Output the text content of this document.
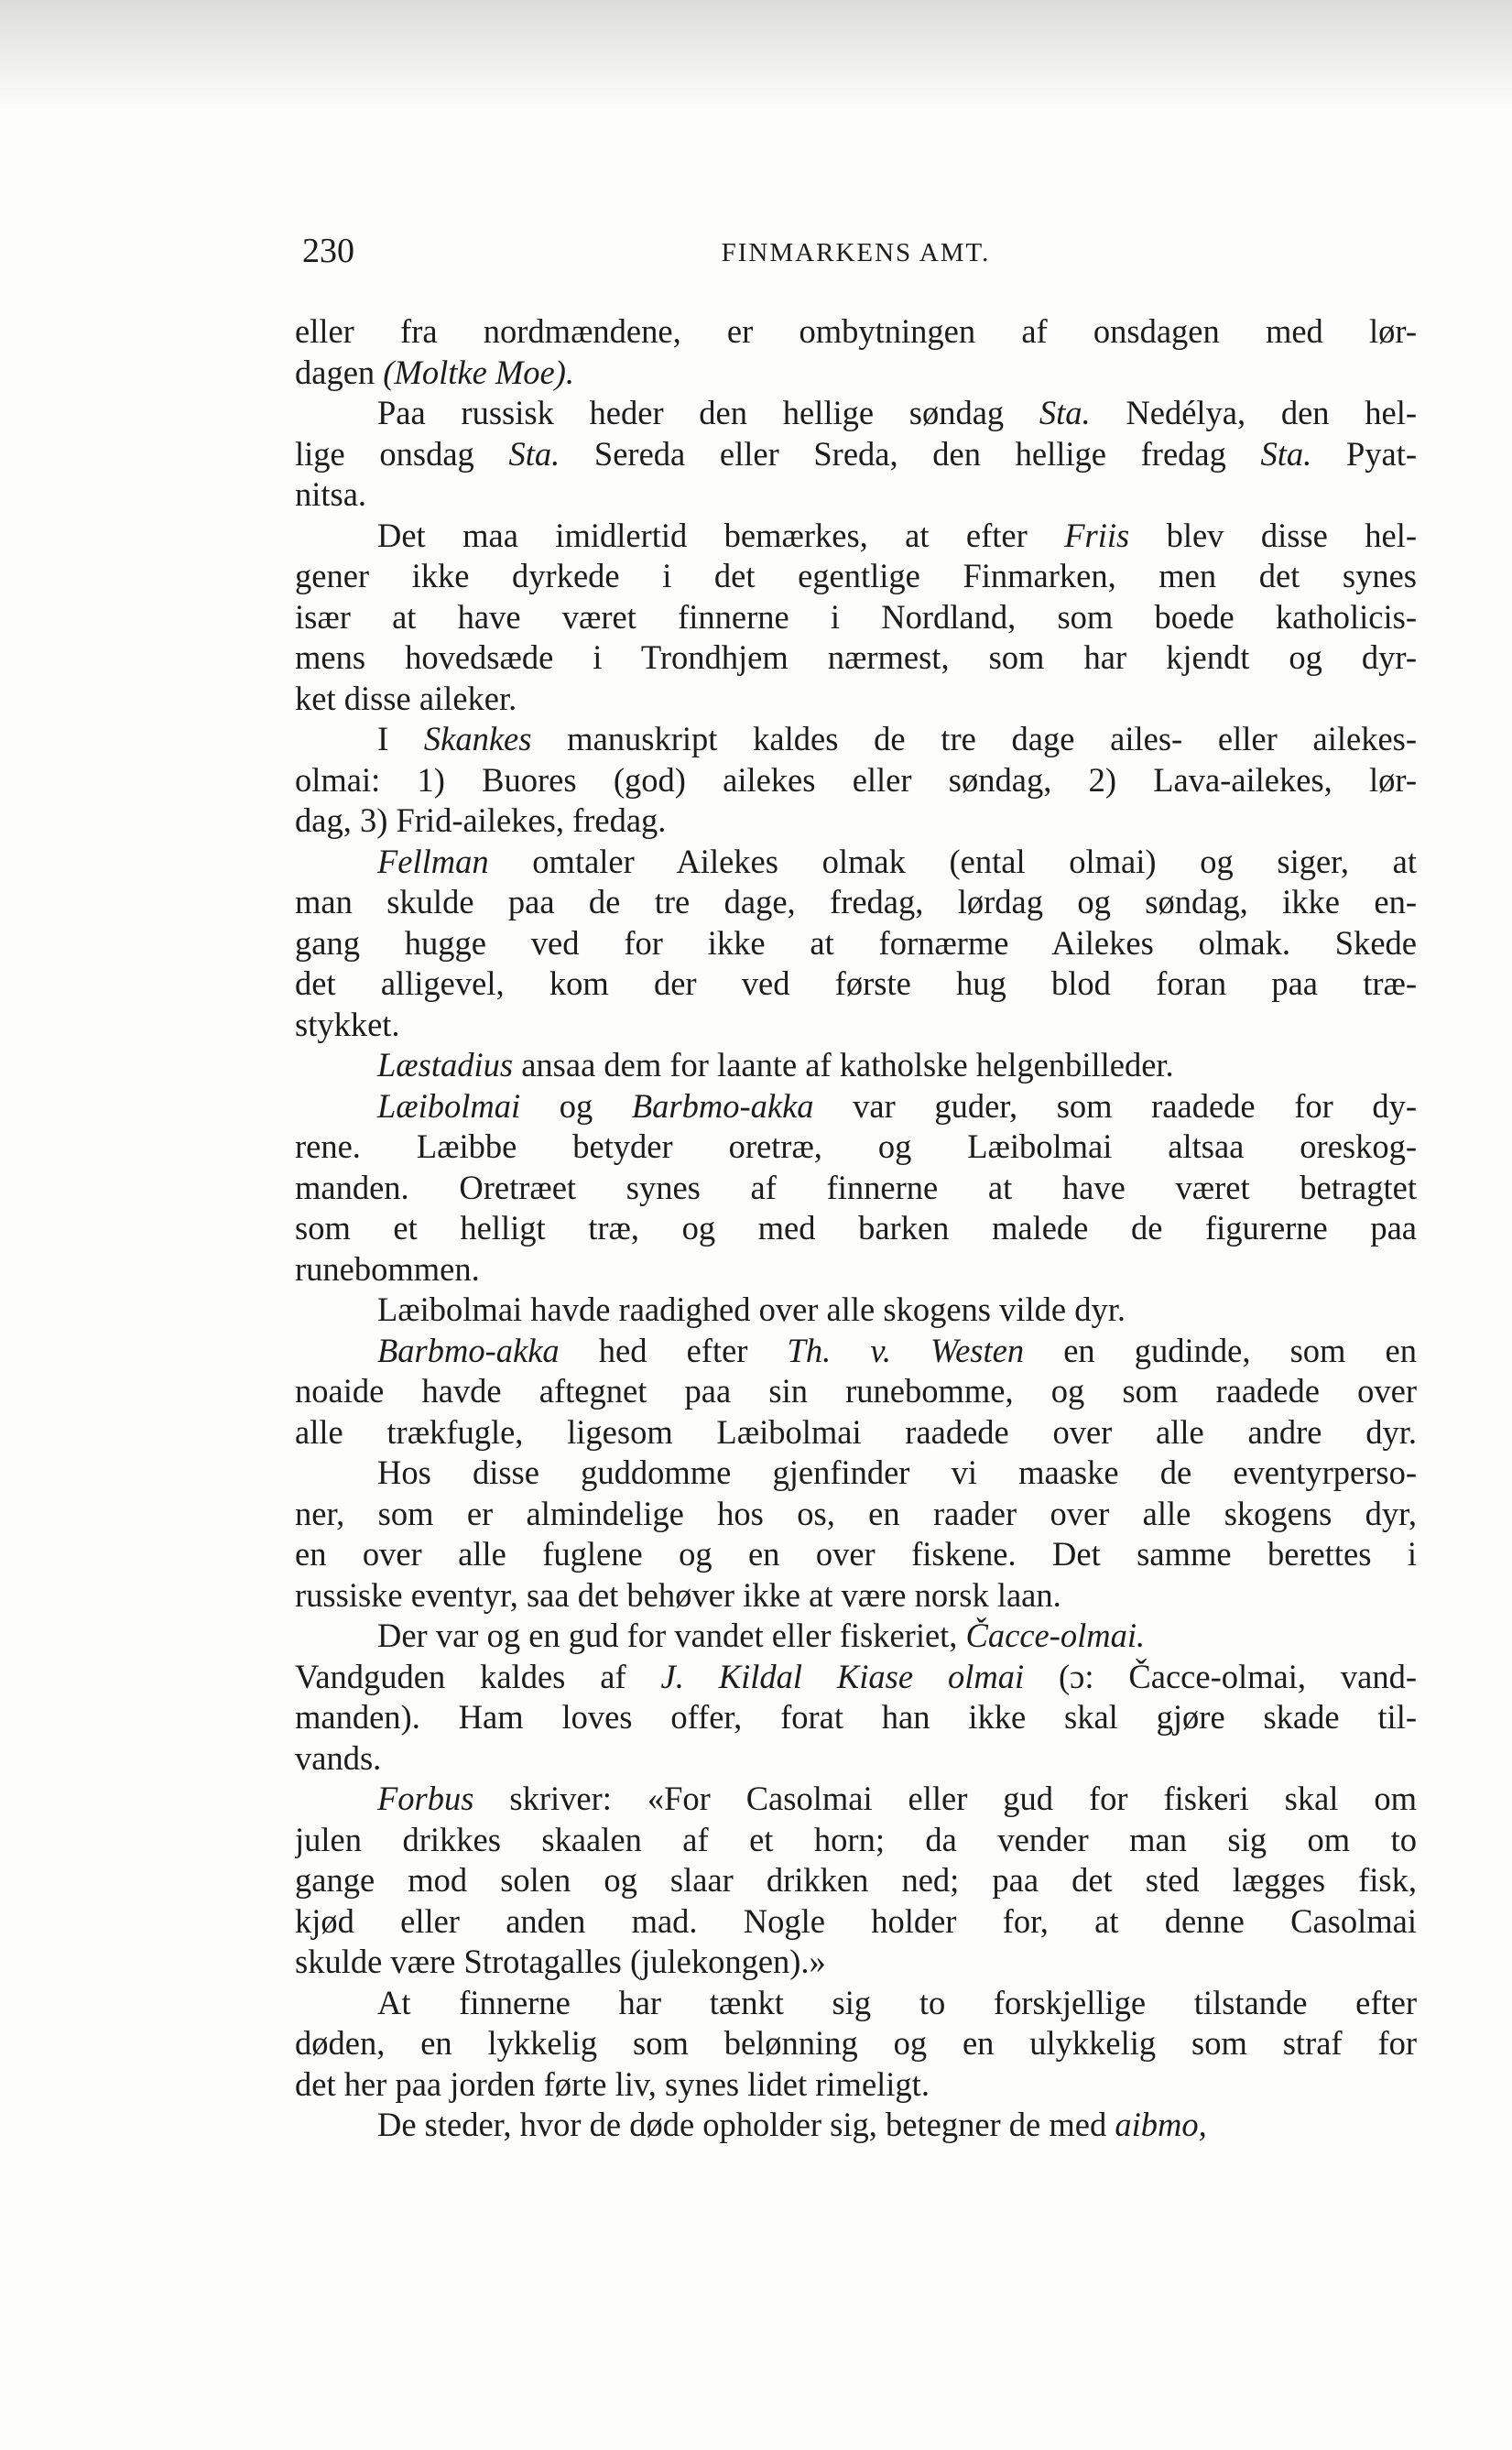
230	FINMARKENS AMT.
eller fra nordmændene, er ombytningen af onsdagen med lør-
dagen (Moltke Moe).
Paa russisk heder den hellige søndag Sta. Nedélya, den hel-
lige onsdag Sta. Sereda eller Sreda, den hellige fredag Sta. Pyat-
nitsa.
Det maa imidlertid bemærkes, at efter Friis blev disse hel-
gener ikke dyrkede i det egentlige Finmarken, men det synes
især at have været finnerne i Nordland, som boede katholicis-
mens hovedsæde i Trondhjem nærmest, som har kjendt og dyr-
ket disse aileker.
I Skankes manuskript kaldes de tre dage ailes- eller ailekes-
olmai: 1) Buores (god) ailekes eller søndag, 2) Lava-ailekes, lør-
dag, 3) Frid-ailekes, fredag.
Fellman omtaler Ailekes olmak (ental olmai) og siger, at
man skulde paa de tre dage, fredag, lørdag og søndag, ikke en-
gang hugge ved for ikke at fornærme Ailekes olmak. Skede
det alligevel, kom der ved første hug blod foran paa træ-
stykket.
Læstadius ansaa dem for laante af katholske helgenbilleder.
Læibolmai og Barbmo-akka var guder, som raadede for dy-
rene. Læibbe betyder oretræ, og Læibolmai altsaa oreskog-
manden. Oretræet synes af finnerne at have været betragtet
som et helligt træ, og med barken malede de figurerne paa
runebommen.
Læibolmai havde raadighed over alle skogens vilde dyr.
Barbmo-akka hed efter Th. v. Westen en gudinde, som en
noaide havde aftegnet paa sin runebomme, og som raadede over
alle trækfugle, ligesom Læibolmai raadede over alle andre dyr.
Hos disse guddomme gjenfinder vi maaske de eventyrperso-
ner, som er almindelige hos os, en raader over alle skogens dyr,
en over alle fuglene og en over fiskene. Det samme berettes i
russiske eventyr, saa det behøver ikke at være norsk laan.
Der var og en gud for vandet eller fiskeriet, Čacce-olmai.
Vandguden kaldes af J. Kildal Kiase olmai (ɔ: Čacce-olmai, vand-
manden). Ham loves offer, forat han ikke skal gjøre skade til-
vands.
Forbus skriver: «For Casolmai eller gud for fiskeri skal om
julen drikkes skaalen af et horn; da vender man sig om to
gange mod solen og slaar drikken ned; paa det sted lægges fisk,
kjød eller anden mad. Nogle holder for, at denne Casolmai
skulde være Strotagalles (julekongen).»
At finnerne har tænkt sig to forskjellige tilstande efter
døden, en lykkelig som belønning og en ulykkelig som straf for
det her paa jorden førte liv, synes lidet rimeligt.
De steder, hvor de døde opholder sig, betegner de med aibmo,
